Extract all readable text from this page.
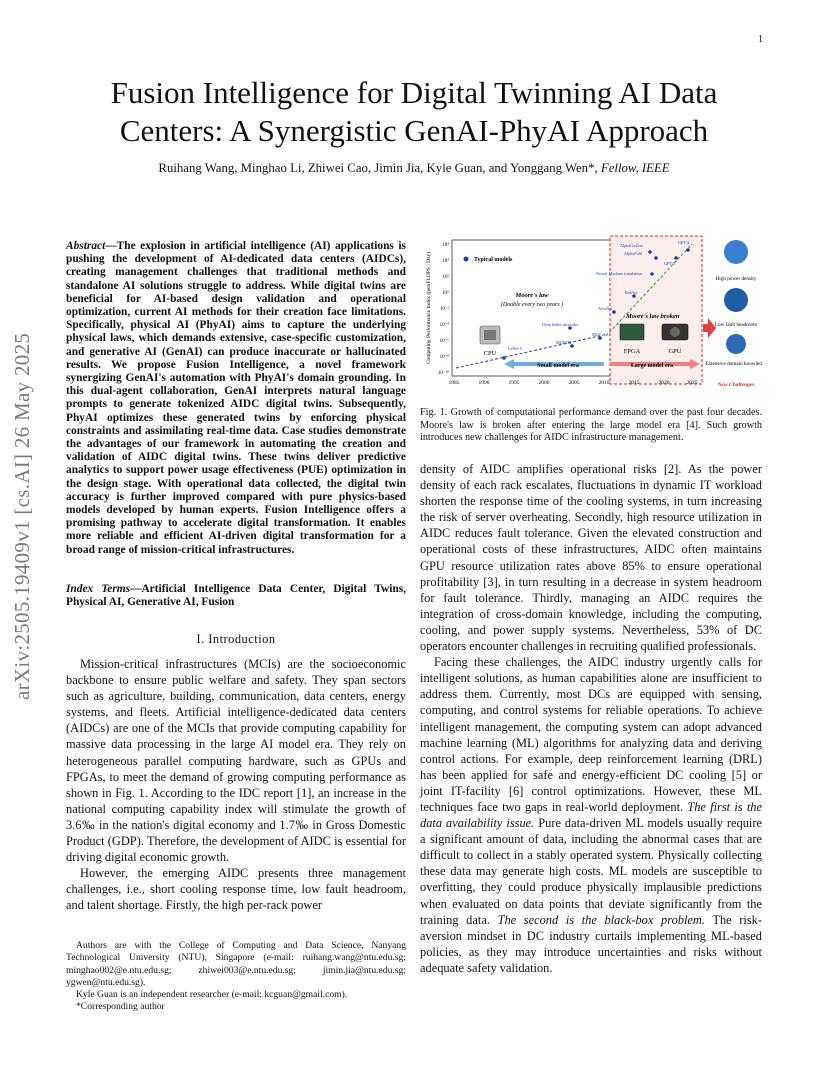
1
Fusion Intelligence for Digital Twinning AI Data Centers: A Synergistic GenAI-PhyAI Approach
Ruihang Wang, Minghao Li, Zhiwei Cao, Jimin Jia, Kyle Guan, and Yonggang Wen*, Fellow, IEEE
arXiv:2505.19409v1 [cs.AI] 26 May 2025
Abstract—The explosion in artificial intelligence (AI) applications is pushing the development of AI-dedicated data centers (AIDCs), creating management challenges that traditional methods and standalone AI solutions struggle to address. While digital twins are beneficial for AI-based design validation and operational optimization, current AI methods for their creation face limitations. Specifically, physical AI (PhyAI) aims to capture the underlying physical laws, which demands extensive, case-specific customization, and generative AI (GenAI) can produce inaccurate or hallucinated results. We propose Fusion Intelligence, a novel framework synergizing GenAI's automation with PhyAI's domain grounding. In this dual-agent collaboration, GenAI interprets natural language prompts to generate tokenized AIDC digital twins. Subsequently, PhyAI optimizes these generated twins by enforcing physical constraints and assimilating real-time data. Case studies demonstrate the advantages of our framework in automating the creation and validation of AIDC digital twins. These twins deliver predictive analytics to support power usage effectiveness (PUE) optimization in the design stage. With operational data collected, the digital twin accuracy is further improved compared with pure physics-based models developed by human experts. Fusion Intelligence offers a promising pathway to accelerate digital transformation. It enables more reliable and efficient AI-driven digital transformation for a broad range of mission-critical infrastructures.
Index Terms—Artificial Intelligence Data Center, Digital Twins, Physical AI, Generative AI, Fusion
I. Introduction

Mission-critical infrastructures (MCIs) are the socioeconomic backbone to ensure public welfare and safety. They span sectors such as agriculture, building, communication, data centers, energy systems, and fleets. Artificial intelligence-dedicated data centers (AIDCs) are one of the MCIs that provide computing capability for massive data processing in the large AI model era. They rely on heterogeneous parallel computing hardware, such as GPUs and FPGAs, to meet the demand of growing computing performance as shown in Fig. 1. According to the IDC report [1], an increase in the national computing capability index will stimulate the growth of 3.6‰ in the nation's digital economy and 1.7‰ in Gross Domestic Product (GDP). Therefore, the development of AIDC is essential for driving digital economic growth.

However, the emerging AIDC presents three management challenges, i.e., short cooling response time, low fault headroom, and talent shortage. Firstly, the high per-rack power

Authors are with the College of Computing and Data Science, Nanyang Technological University (NTU), Singapore (e-mail: ruihang.wang@ntu.edu.sg; minghao002@e.ntu.edu.sg; zhiwei003@e.ntu.edu.sg; jimin.jia@ntu.edu.sg; ygwen@ntu.edu.sg).

Kyle Guan is an independent researcher (e-mail: kcguan@gmail.com).

*Corresponding author

Computing Performance Index (petaFLOPS / Day)
10⁴
10⁴
10²
10⁰
10⁻²
10⁻⁴
10⁻⁶
10⁻⁸
10⁻¹⁰
1985	1990	1995	2000	2005	2010	2015	2020	2025
Typical models
Moore's law
(Double every two years )
LeNet-5
MLBTM
MLP
Deep belief networks
AlexNet
ResNet
Neural Machine translation
AlphaGoZero
AlphaFold
GPT-3
GPT-4
Moore's law broken
CPU	FPGA	GPU
Small model era	Large model era
High power density
Low fault headroom
Extensive domain knowledge
New Challenges
Fig. 1. Growth of computational performance demand over the past four decades. Moore's law is broken after entering the large model era [4]. Such growth introduces new challenges for AIDC infrastructure management.

density of AIDC amplifies operational risks [2]. As the power density of each rack escalates, fluctuations in dynamic IT workload shorten the response time of the cooling systems, in turn increasing the risk of server overheating. Secondly, high resource utilization in AIDC reduces fault tolerance. Given the elevated construction and operational costs of these infrastructures, AIDC often maintains GPU resource utilization rates above 85% to ensure operational profitability [3], in turn resulting in a decrease in system headroom for fault tolerance. Thirdly, managing an AIDC requires the integration of cross-domain knowledge, including the computing, cooling, and power supply systems. Nevertheless, 53% of DC operators encounter challenges in recruiting qualified professionals.

Facing these challenges, the AIDC industry urgently calls for intelligent solutions, as human capabilities alone are insufficient to address them. Currently, most DCs are equipped with sensing, computing, and control systems for reliable operations. To achieve intelligent management, the computing system can adopt advanced machine learning (ML) algorithms for analyzing data and deriving control actions. For example, deep reinforcement learning (DRL) has been applied for safe and energy-efficient DC cooling [5] or joint IT-facility [6] control optimizations. However, these ML techniques face two gaps in real-world deployment. The first is the data availability issue. Pure data-driven ML models usually require a significant amount of data, including the abnormal cases that are difficult to collect in a stably operated system. Physically collecting these data may generate high costs. ML models are susceptible to overfitting, they could produce physically implausible predictions when evaluated on data points that deviate significantly from the training data. The second is the black-box problem. The risk-aversion mindset in DC industry curtails implementing ML-based policies, as they may introduce uncertainties and risks without adequate safety validation.
